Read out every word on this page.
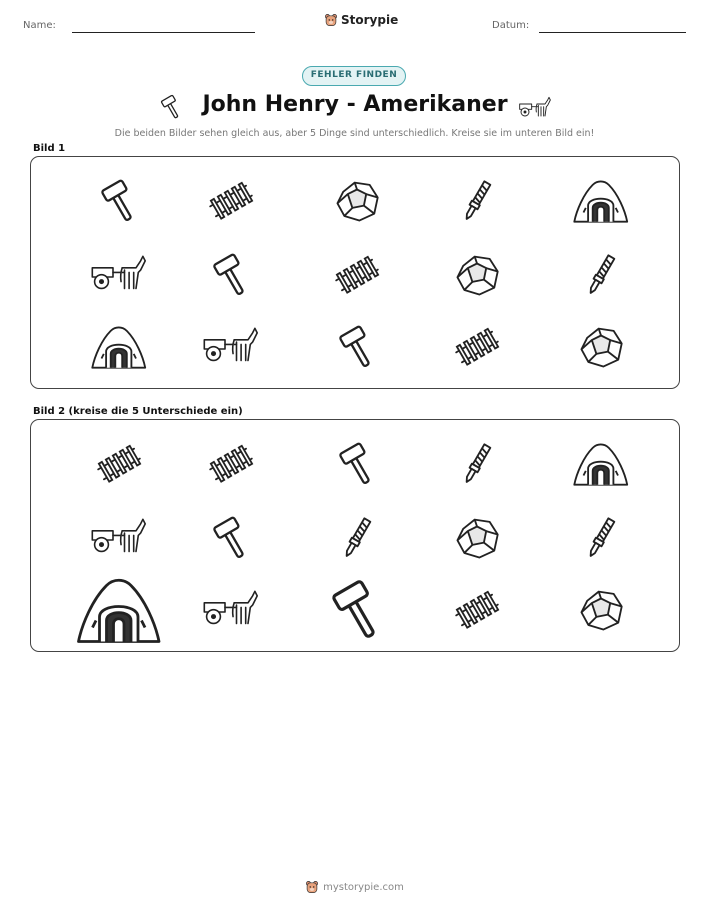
Name:	Storypie	Datum:
FEHLER FINDEN
John Henry - Amerikaner
Die beiden Bilder sehen gleich aus, aber 5 Dinge sind unterschiedlich. Kreise sie im unteren Bild ein!
Bild 1
Bild 2 (kreise die 5 Unterschiede ein)
mystorypie.com
